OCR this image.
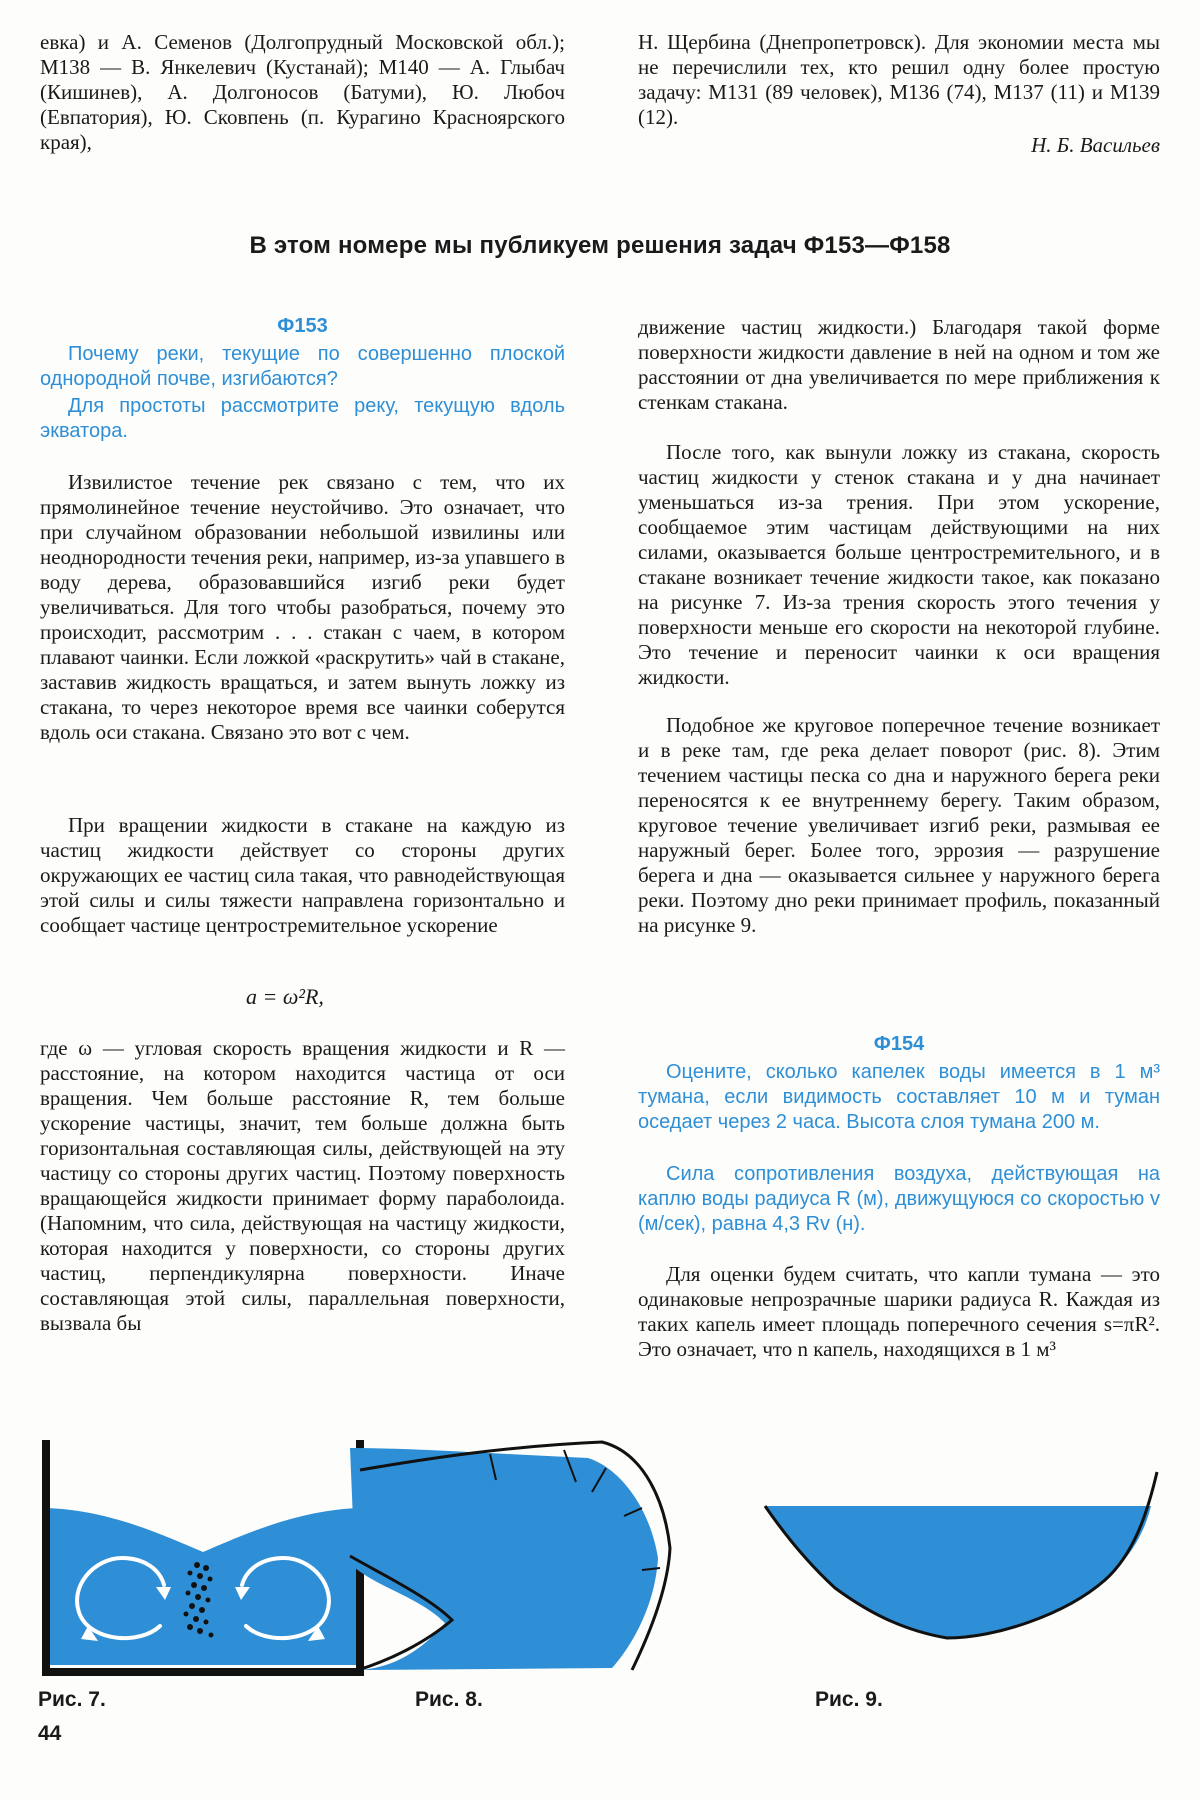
евка) и А. Семенов (Долгопрудный Московской обл.); М138 — В. Янкелевич (Кустанай); М140 — А. Глыбач (Кишинев), А. Долгоносов (Батуми), Ю. Любоч (Евпатория), Ю. Сковпень (п. Курагино Красноярского края),

Н. Щербина (Днепропетровск). Для экономии места мы не перечислили тех, кто решил одну более простую задачу: М131 (89 человек), М136 (74), М137 (11) и М139 (12).

Н. Б. Васильев

В этом номере мы публикуем решения задач Ф153—Ф158
Ф153

Почему реки, текущие по совершенно плоской однородной почве, изгибаются?

Для простоты рассмотрите реку, текущую вдоль экватора.

Извилистое течение рек связано с тем, что их прямолинейное течение неустойчиво. Это означает, что при случайном образовании небольшой извилины или неоднородности течения реки, например, из-за упавшего в воду дерева, образовавшийся изгиб реки будет увеличиваться. Для того чтобы разобраться, почему это происходит, рассмотрим . . . стакан с чаем, в котором плавают чаинки. Если ложкой «раскрутить» чай в стакане, заставив жидкость вращаться, и затем вынуть ложку из стакана, то через некоторое время все чаинки соберутся вдоль оси стакана. Связано это вот с чем.

При вращении жидкости в стакане на каждую из частиц жидкости действует со стороны других окружающих ее частиц сила такая, что равнодействующая этой силы и силы тяжести направлена горизонтально и сообщает частице центростремительное ускорение

a = ω²R,

где ω — угловая скорость вращения жидкости и R — расстояние, на котором находится частица от оси вращения. Чем больше расстояние R, тем больше ускорение частицы, значит, тем больше должна быть горизонтальная составляющая силы, действующей на эту частицу со стороны других частиц. Поэтому поверхность вращающейся жидкости принимает форму параболоида. (Напомним, что сила, действующая на частицу жидкости, которая находится у поверхности, со стороны других частиц, перпендикулярна поверхности. Иначе составляющая этой силы, параллельная поверхности, вызвала бы

движение частиц жидкости.) Благодаря такой форме поверхности жидкости давление в ней на одном и том же расстоянии от дна увеличивается по мере приближения к стенкам стакана.

После того, как вынули ложку из стакана, скорость частиц жидкости у стенок стакана и у дна начинает уменьшаться из-за трения. При этом ускорение, сообщаемое этим частицам действующими на них силами, оказывается больше центростремительного, и в стакане возникает течение жидкости такое, как показано на рисунке 7. Из-за трения скорость этого течения у поверхности меньше его скорости на некоторой глубине. Это течение и переносит чаинки к оси вращения жидкости.

Подобное же круговое поперечное течение возникает и в реке там, где река делает поворот (рис. 8). Этим течением частицы песка со дна и наружного берега реки переносятся к ее внутреннему берегу. Таким образом, круговое течение увеличивает изгиб реки, размывая ее наружный берег. Более того, эррозия — разрушение берега и дна — оказывается сильнее у наружного берега реки. Поэтому дно реки принимает профиль, показанный на рисунке 9.

Ф154

Оцените, сколько капелек воды имеется в 1 м³ тумана, если видимость составляет 10 м и туман оседает через 2 часа. Высота слоя тумана 200 м.

Сила сопротивления воздуха, действующая на каплю воды радиуса R (м), движущуюся со скоростью v (м/сек), равна 4,3 Rv (н).

Для оценки будем считать, что капли тумана — это одинаковые непрозрачные шарики радиуса R. Каждая из таких капель имеет площадь поперечного сечения s=πR². Это означает, что n капель, находящихся в 1 м³

Рис. 7.	Рис. 8.	Рис. 9.
44
